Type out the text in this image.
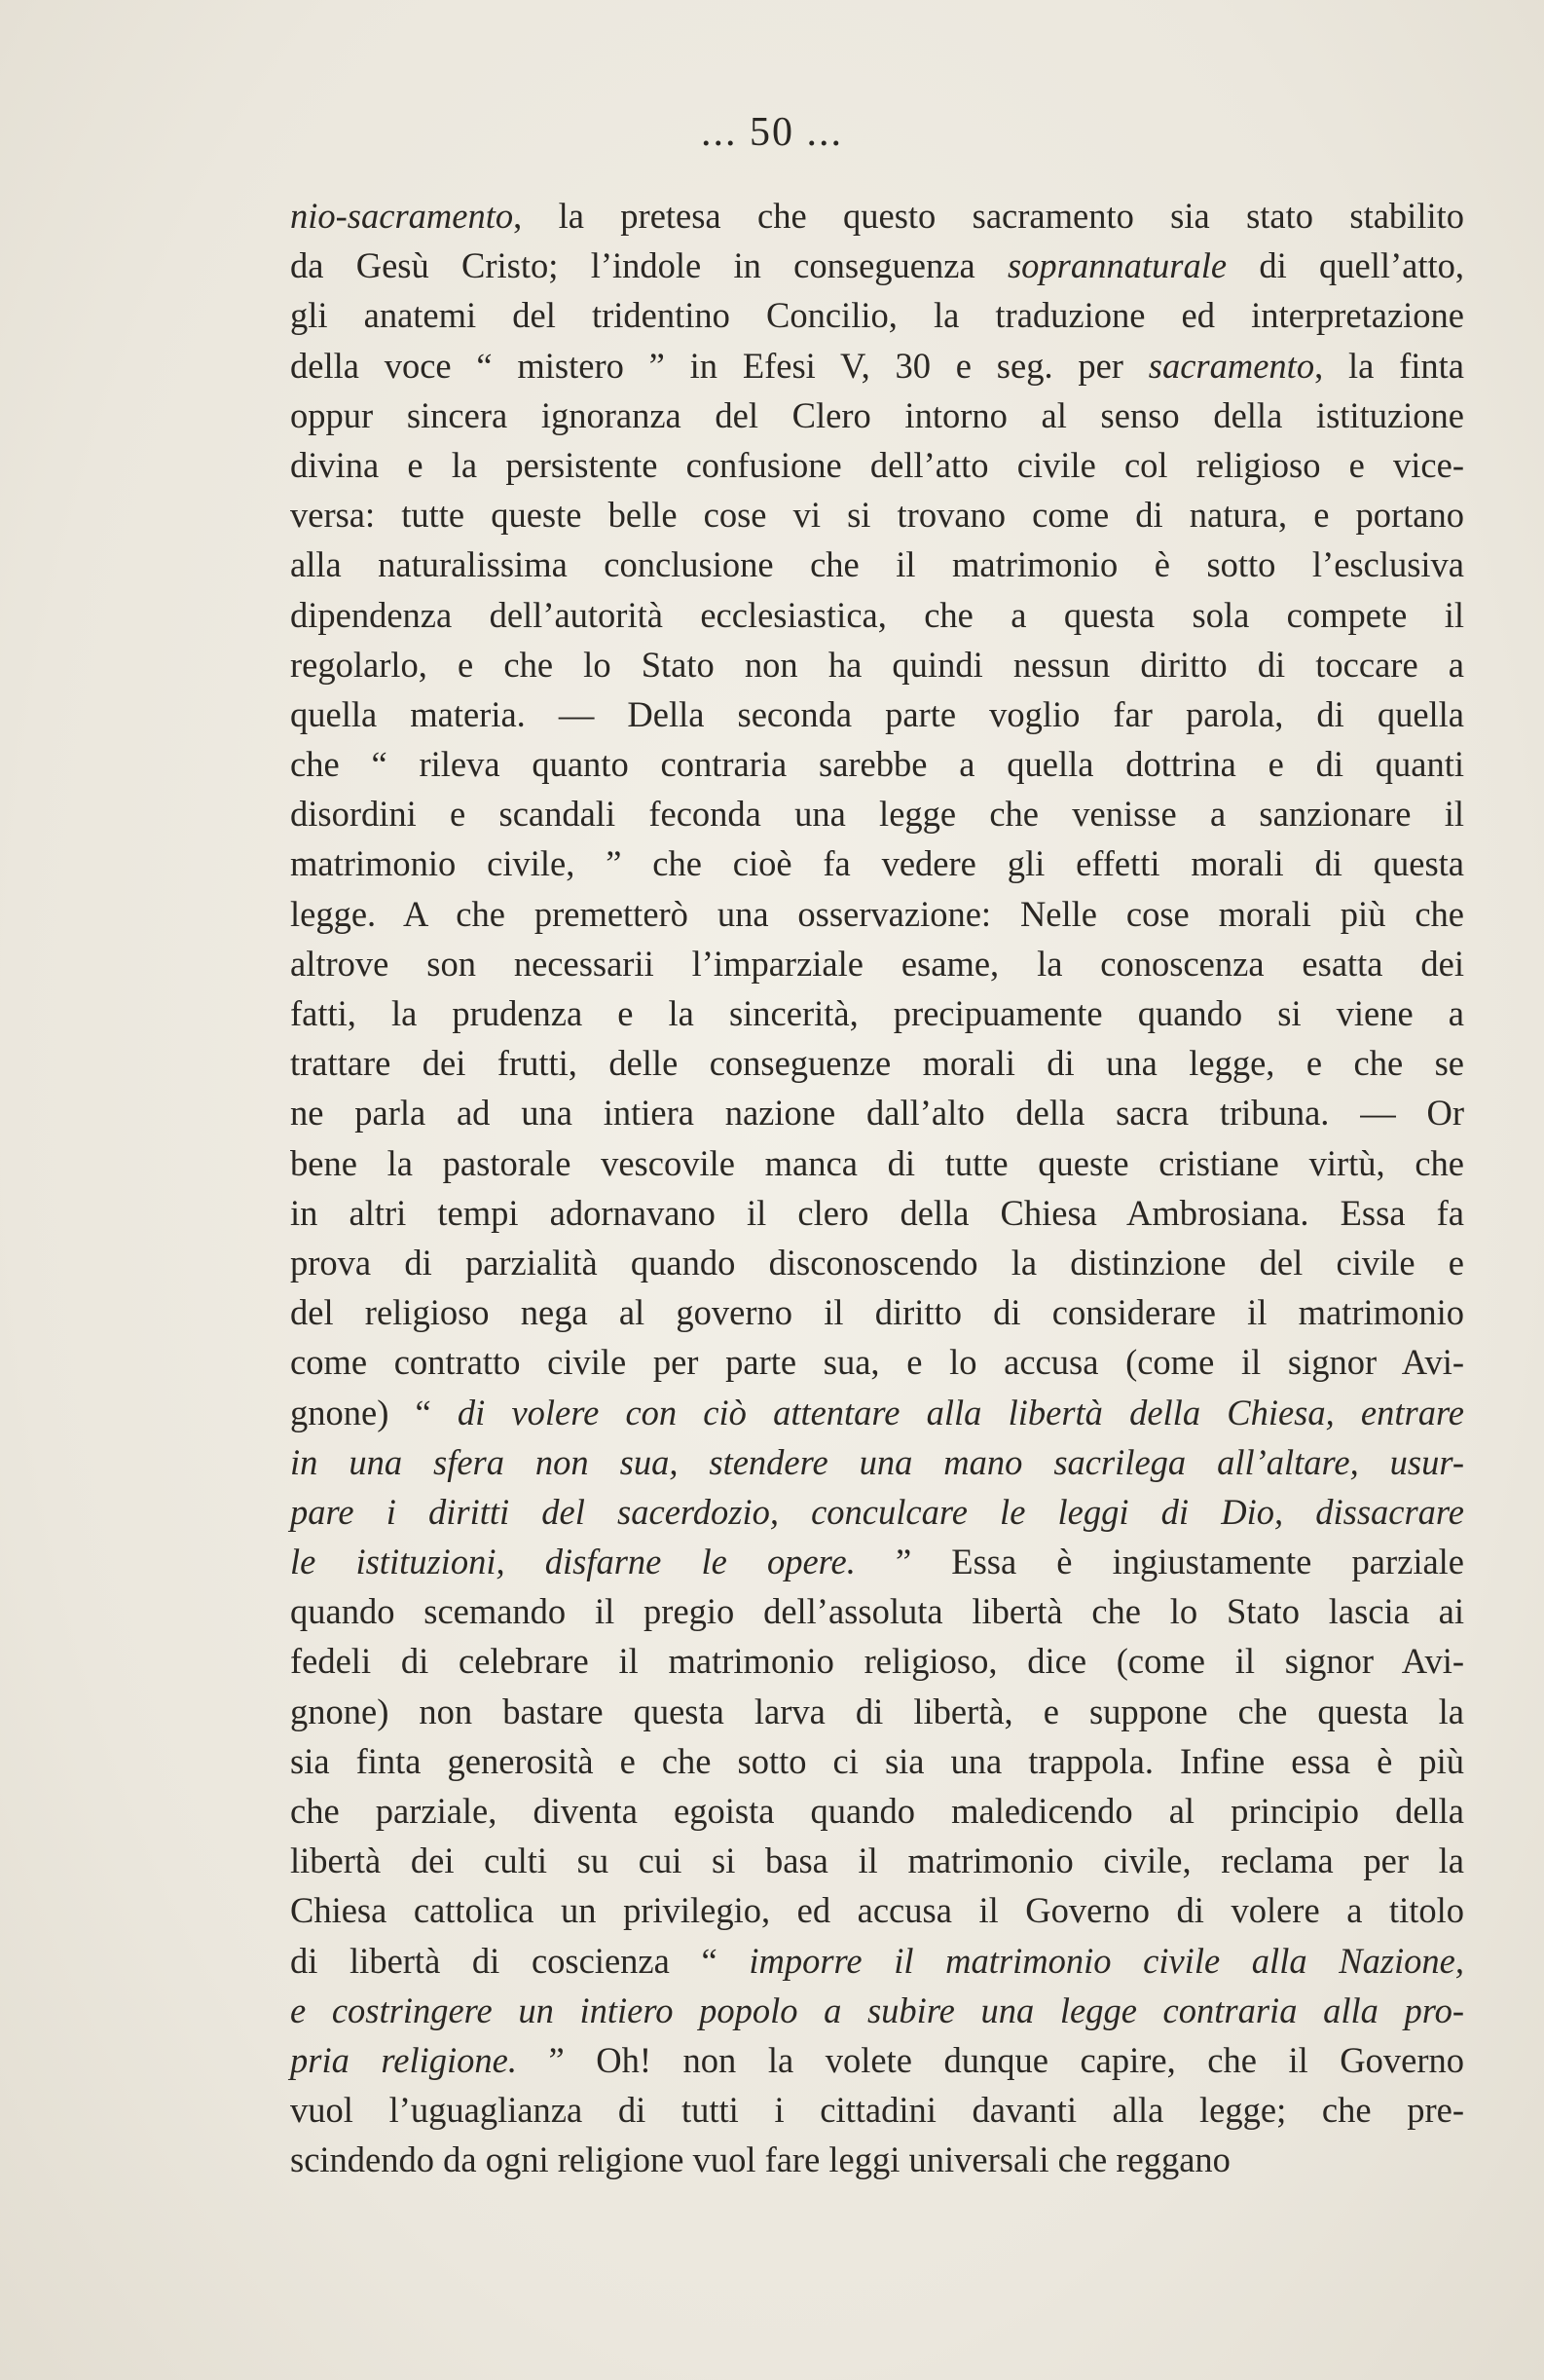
... 50 ...
nio-sacramento, la pretesa che questo sacramento sia stato stabilito
da Gesù Cristo; l’indole in conseguenza soprannaturale di quell’atto,
gli anatemi del tridentino Concilio, la traduzione ed interpretazione
della voce “ mistero ” in Efesi V, 30 e seg. per sacramento, la finta
oppur sincera ignoranza del Clero intorno al senso della istituzione
divina e la persistente confusione dell’atto civile col religioso e vice-
versa: tutte queste belle cose vi si trovano come di natura, e portano
alla naturalissima conclusione che il matrimonio è sotto l’esclusiva
dipendenza dell’autorità ecclesiastica, che a questa sola compete il
regolarlo, e che lo Stato non ha quindi nessun diritto di toccare a
quella materia. — Della seconda parte voglio far parola, di quella
che “ rileva quanto contraria sarebbe a quella dottrina e di quanti
disordini e scandali feconda una legge che venisse a sanzionare il
matrimonio civile, ” che cioè fa vedere gli effetti morali di questa
legge. A che premetterò una osservazione: Nelle cose morali più che
altrove son necessarii l’imparziale esame, la conoscenza esatta dei
fatti, la prudenza e la sincerità, precipuamente quando si viene a
trattare dei frutti, delle conseguenze morali di una legge, e che se
ne parla ad una intiera nazione dall’alto della sacra tribuna. — Or
bene la pastorale vescovile manca di tutte queste cristiane virtù, che
in altri tempi adornavano il clero della Chiesa Ambrosiana. Essa fa
prova di parzialità quando disconoscendo la distinzione del civile e
del religioso nega al governo il diritto di considerare il matrimonio
come contratto civile per parte sua, e lo accusa (come il signor Avi-
gnone) “ di volere con ciò attentare alla libertà della Chiesa, entrare
in una sfera non sua, stendere una mano sacrilega all’altare, usur-
pare i diritti del sacerdozio, conculcare le leggi di Dio, dissacrare
le istituzioni, disfarne le opere. ” Essa è ingiustamente parziale
quando scemando il pregio dell’assoluta libertà che lo Stato lascia ai
fedeli di celebrare il matrimonio religioso, dice (come il signor Avi-
gnone) non bastare questa larva di libertà, e suppone che questa la
sia finta generosità e che sotto ci sia una trappola. Infine essa è più
che parziale, diventa egoista quando maledicendo al principio della
libertà dei culti su cui si basa il matrimonio civile, reclama per la
Chiesa cattolica un privilegio, ed accusa il Governo di volere a titolo
di libertà di coscienza “ imporre il matrimonio civile alla Nazione,
e costringere un intiero popolo a subire una legge contraria alla pro-
pria religione. ” Oh! non la volete dunque capire, che il Governo
vuol l’uguaglianza di tutti i cittadini davanti alla legge; che pre-
scindendo da ogni religione vuol fare leggi universali che reggano
